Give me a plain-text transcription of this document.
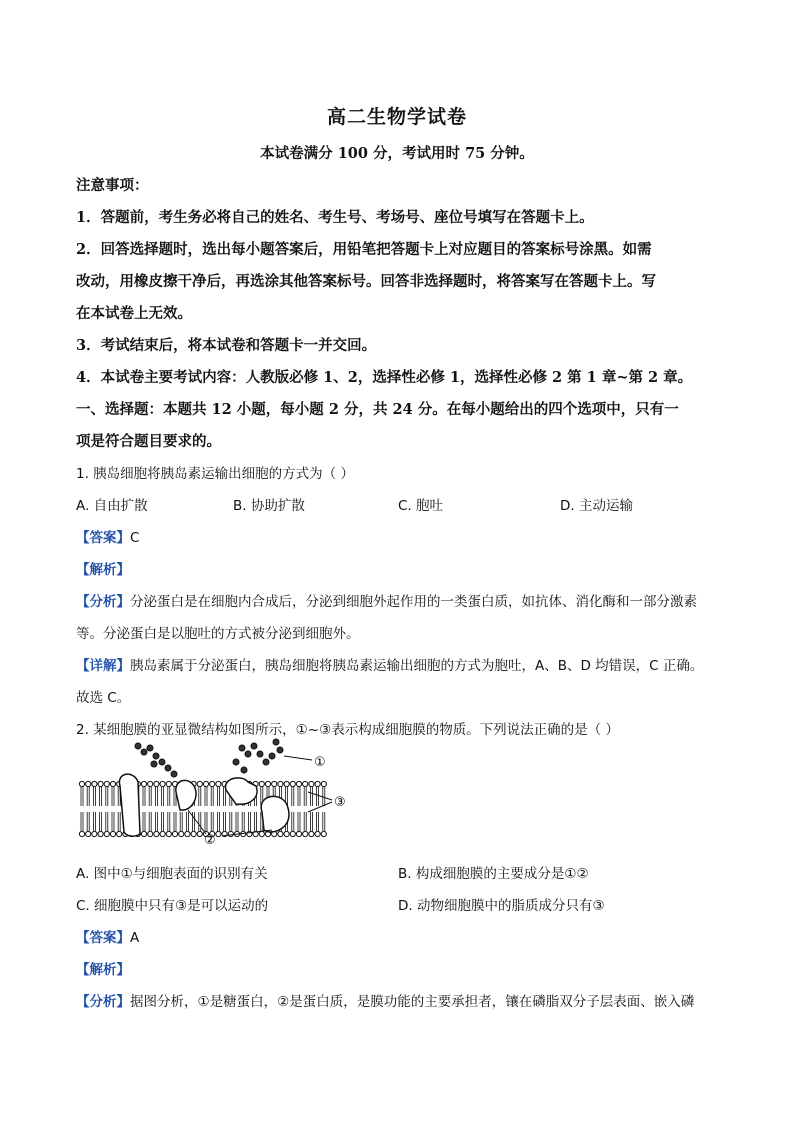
高二生物学试卷
本试卷满分 100 分，考试用时 75 分钟。
注意事项：
1．答题前，考生务必将自己的姓名、考生号、考场号、座位号填写在答题卡上。
2．回答选择题时，选出每小题答案后，用铅笔把答题卡上对应题目的答案标号涂黑。如需
改动，用橡皮擦干净后，再选涂其他答案标号。回答非选择题时，将答案写在答题卡上。写
在本试卷上无效。
3．考试结束后，将本试卷和答题卡一并交回。
4．本试卷主要考试内容：人教版必修 1、2，选择性必修 1，选择性必修 2 第 1 章~第 2 章。
一、选择题：本题共 12 小题，每小题 2 分，共 24 分。在每小题给出的四个选项中，只有一
项是符合题目要求的。
1. 胰岛细胞将胰岛素运输出细胞的方式为（ ）
A. 自由扩散	B. 协助扩散	C. 胞吐	D. 主动运输
【答案】C
【解析】
【分析】分泌蛋白是在细胞内合成后，分泌到细胞外起作用的一类蛋白质，如抗体、消化酶和一部分激素
等。分泌蛋白是以胞吐的方式被分泌到细胞外。
【详解】胰岛素属于分泌蛋白，胰岛细胞将胰岛素运输出细胞的方式为胞吐，A、B、D 均错误，C 正确。
故选 C。
2. 某细胞膜的亚显微结构如图所示，①~③表示构成细胞膜的物质。下列说法正确的是（ ）
①
③
②
A. 图中①与细胞表面的识别有关	B. 构成细胞膜的主要成分是①②
C. 细胞膜中只有③是可以运动的	D. 动物细胞膜中的脂质成分只有③
【答案】A
【解析】
【分析】据图分析，①是糖蛋白，②是蛋白质，是膜功能的主要承担者，镶在磷脂双分子层表面、嵌入磷
